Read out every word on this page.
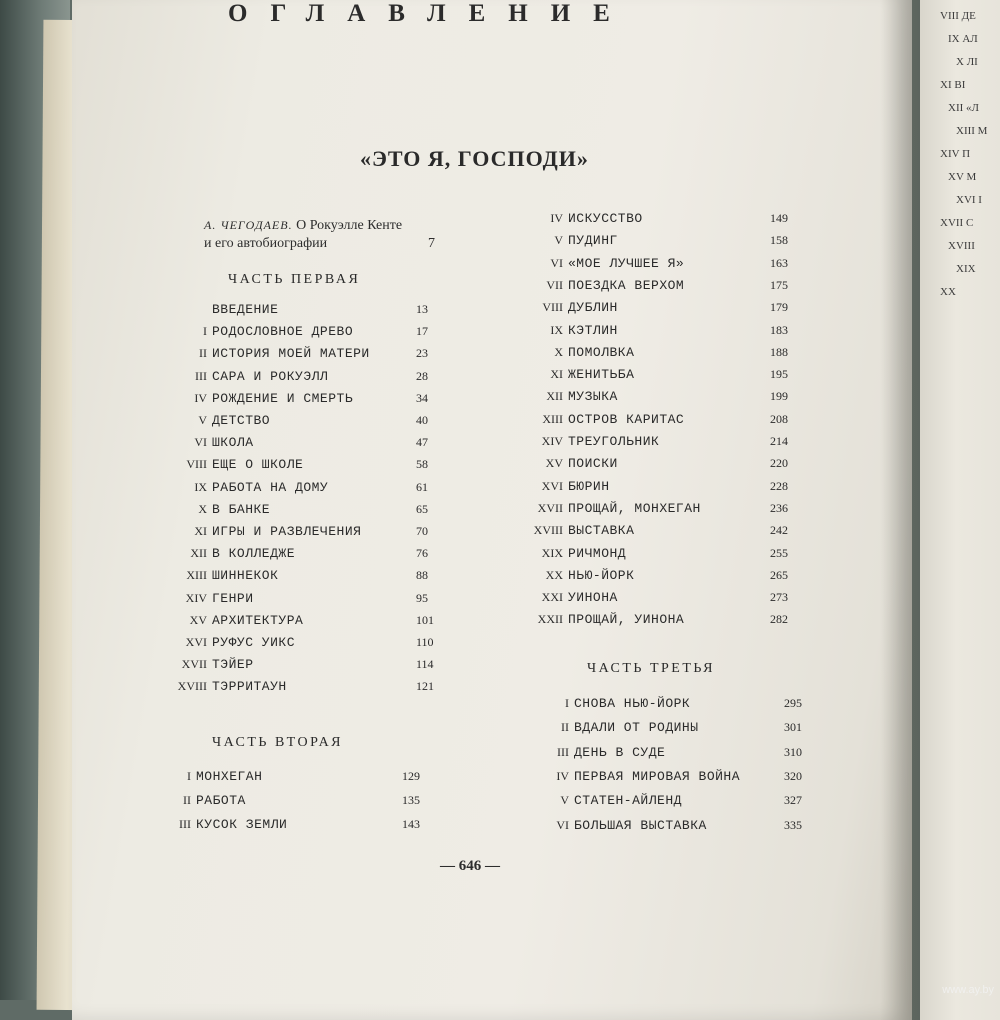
ОГЛАВЛЕНИЕ
«ЭТО Я, ГОСПОДИ»
А. ЧЕГОДАЕВ. О Рокуэлле Кенте
и его автобиографии	7
ЧАСТЬ ПЕРВАЯ
ЧАСТЬ ВТОРАЯ
ЧАСТЬ ТРЕТЬЯ
ВВЕДЕНИЕ	13
I РОДОСЛОВНОЕ ДРЕВО	17
II ИСТОРИЯ МОЕЙ МАТЕРИ	23
III САРА И РОКУЭЛЛ	28
IV РОЖДЕНИЕ И СМЕРТЬ	34
V ДЕТСТВО	40
VI ШКОЛА	47
VIII ЕЩЕ О ШКОЛЕ	58
IX РАБОТА НА ДОМУ	61
X В БАНКЕ	65
XI ИГРЫ И РАЗВЛЕЧЕНИЯ	70
XII В КОЛЛЕДЖЕ	76
XIII ШИННЕКОК	88
XIV ГЕНРИ	95
XV АРХИТЕКТУРА	101
XVI РУФУС УИКС	110
XVII ТЭЙЕР	114
XVIII ТЭРРИТАУН	121
I МОНХЕГАН	129
II РАБОТА	135
III КУСОК ЗЕМЛИ	143
IV ИСКУССТВО	149
V ПУДИНГ	158
VI «МОЕ ЛУЧШЕЕ Я»	163
VII ПОЕЗДКА ВЕРХОМ	175
VIII ДУБЛИН	179
IX КЭТЛИН	183
X ПОМОЛВКА	188
XI ЖЕНИТЬБА	195
XII МУЗЫКА	199
XIII ОСТРОВ КАРИТАС	208
XIV ТРЕУГОЛЬНИК	214
XV ПОИСКИ	220
XVI БЮРИН	228
XVII ПРОЩАЙ, МОНХЕГАН	236
XVIII ВЫСТАВКА	242
XIX РИЧМОНД	255
XX НЬЮ-ЙОРК	265
XXI УИНОНА	273
XXII ПРОЩАЙ, УИНОНА	282
I СНОВА НЬЮ-ЙОРК	295
II ВДАЛИ ОТ РОДИНЫ	301
III ДЕНЬ В СУДЕ	310
IV ПЕРВАЯ МИРОВАЯ ВОЙНА	320
V СТАТЕН-АЙЛЕНД	327
VI БОЛЬШАЯ ВЫСТАВКА	335
— 646 —
VIII ДЕ
IX АЛ
X ЛІ
XI ВІ
XII «Л
XIII М
XIV П
XV М
XVI І
XVII С
XVIII
XIX
XX
www.ay.by
